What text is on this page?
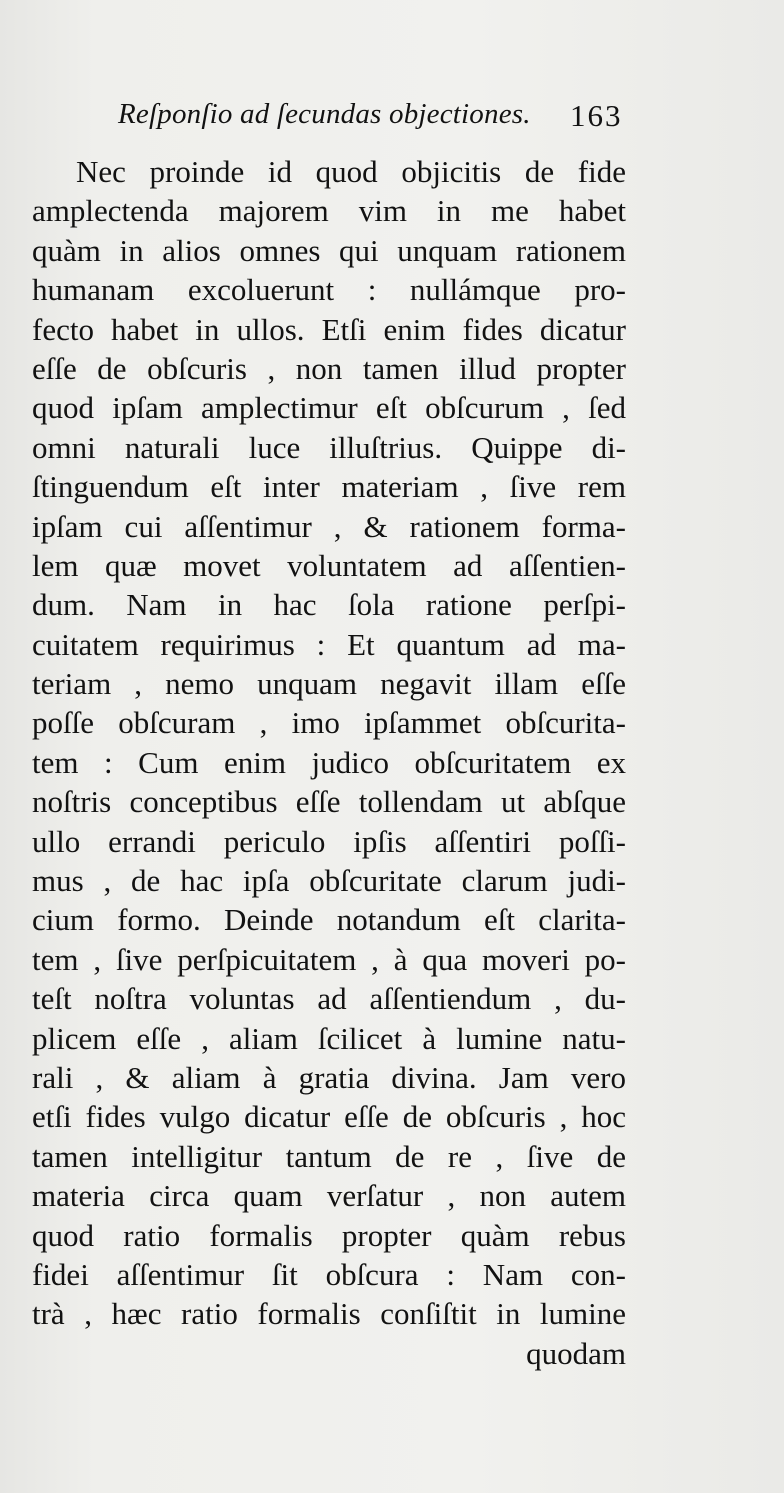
Reſponſio ad ſecundas objectiones. 163
Nec proinde id quod objicitis de fide
amplectenda majorem vim in me habet
quàm in alios omnes qui unquam rationem
humanam excoluerunt : nullámque pro-
fecto habet in ullos. Etſi enim fides dicatur
eſſe de obſcuris , non tamen illud propter
quod ipſam amplectimur eſt obſcurum , ſed
omni naturali luce illuſtrius. Quippe di-
ſtinguendum eſt inter materiam , ſive rem
ipſam cui aſſentimur , & rationem forma-
lem quæ movet voluntatem ad aſſentien-
dum. Nam in hac ſola ratione perſpi-
cuitatem requirimus : Et quantum ad ma-
teriam , nemo unquam negavit illam eſſe
poſſe obſcuram , imo ipſammet obſcurita-
tem : Cum enim judico obſcuritatem ex
noſtris conceptibus eſſe tollendam ut abſque
ullo errandi periculo ipſis aſſentiri poſſi-
mus , de hac ipſa obſcuritate clarum judi-
cium formo. Deinde notandum eſt clarita-
tem , ſive perſpicuitatem , à qua moveri po-
teſt noſtra voluntas ad aſſentiendum , du-
plicem eſſe , aliam ſcilicet à lumine natu-
rali , & aliam à gratia divina. Jam vero
etſi fides vulgo dicatur eſſe de obſcuris , hoc
tamen intelligitur tantum de re , ſive de
materia circa quam verſatur , non autem
quod ratio formalis propter quàm rebus
fidei aſſentimur ſit obſcura : Nam con-
trà , hæc ratio formalis conſiſtit in lumine
quodam
